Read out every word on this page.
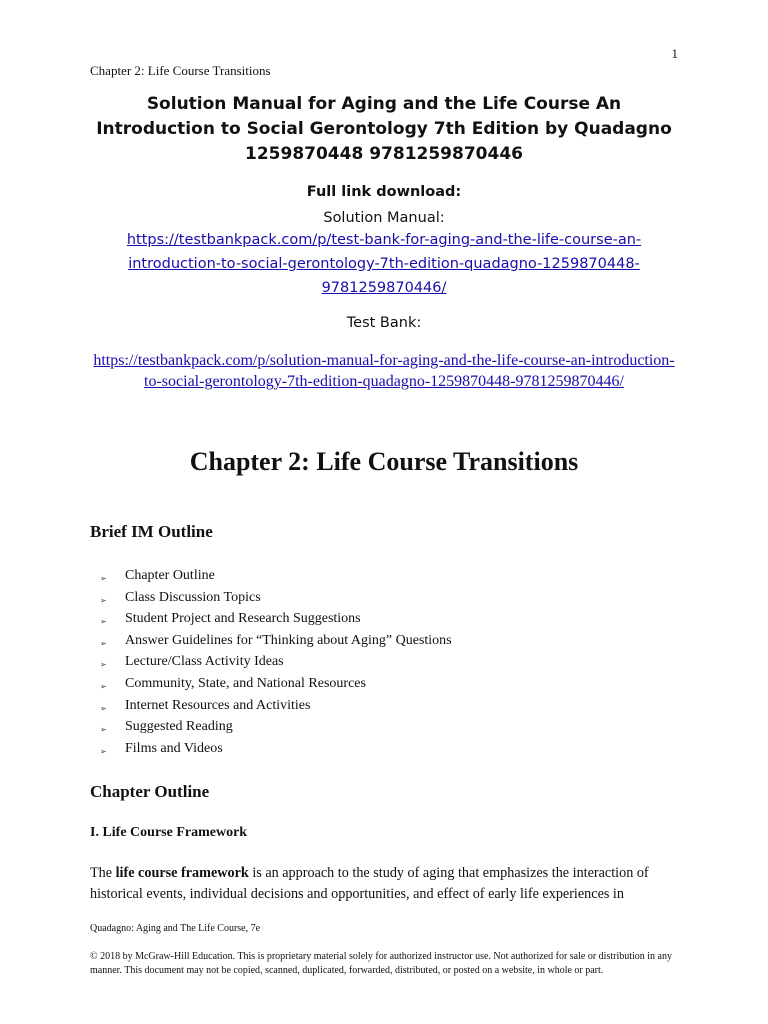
1
Chapter 2: Life Course Transitions

Solution Manual for Aging and the Life Course An Introduction to Social Gerontology 7th Edition by Quadagno 1259870448 9781259870446

Full link download:

Solution Manual:

https://testbankpack.com/p/test-bank-for-aging-and-the-life-course-an-introduction-to-social-gerontology-7th-edition-quadagno-1259870448-9781259870446/

Test Bank:

https://testbankpack.com/p/solution-manual-for-aging-and-the-life-course-an-introduction-to-social-gerontology-7th-edition-quadagno-1259870448-9781259870446/
Chapter 2: Life Course Transitions
Brief IM Outline
➢ Chapter Outline
➢ Class Discussion Topics
➢ Student Project and Research Suggestions
➢ Answer Guidelines for “Thinking about Aging” Questions
➢ Lecture/Class Activity Ideas
➢ Community, State, and National Resources
➢ Internet Resources and Activities
➢ Suggested Reading
➢ Films and Videos
Chapter Outline
I. Life Course Framework

The life course framework is an approach to the study of aging that emphasizes the interaction of historical events, individual decisions and opportunities, and effect of early life experiences in

Quadagno: Aging and The Life Course, 7e
© 2018 by McGraw-Hill Education. This is proprietary material solely for authorized instructor use. Not authorized for sale or distribution in any manner. This document may not be copied, scanned, duplicated, forwarded, distributed, or posted on a website, in whole or part.
